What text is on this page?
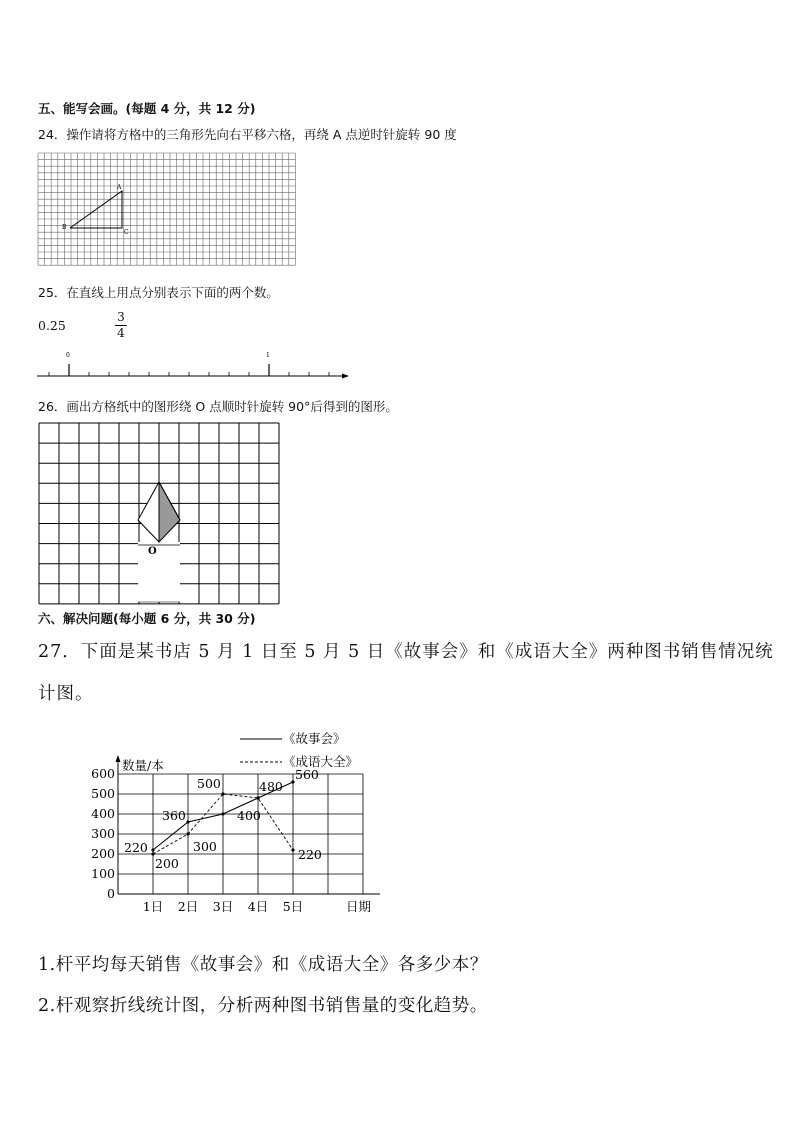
五、能写会画。(每题 4 分，共 12 分)
24．操作请将方格中的三角形先向右平移六格，再绕 A 点逆时针旋转 90 度
A
B
C
25．在直线上用点分别表示下面的两个数。
0.25
3
4
0	1
26．画出方格纸中的图形绕 O 点顺时针旋转 90°后得到的图形。
O
六、解决问题(每小题 6 分，共 30 分)
27．下面是某书店 5 月 1 日至 5 月 5 日《故事会》和《成语大全》两种图书销售情况统
计图。
0
100
200
300
400
500
600
1日 2日 3日 4日 5日
数量/本
日期
220
360	400
480
560
200
300
500
220
《故事会》
《成语大全》
1.杆平均每天销售《故事会》和《成语大全》各多少本？
2.杆观察折线统计图，分析两种图书销售量的变化趋势。
